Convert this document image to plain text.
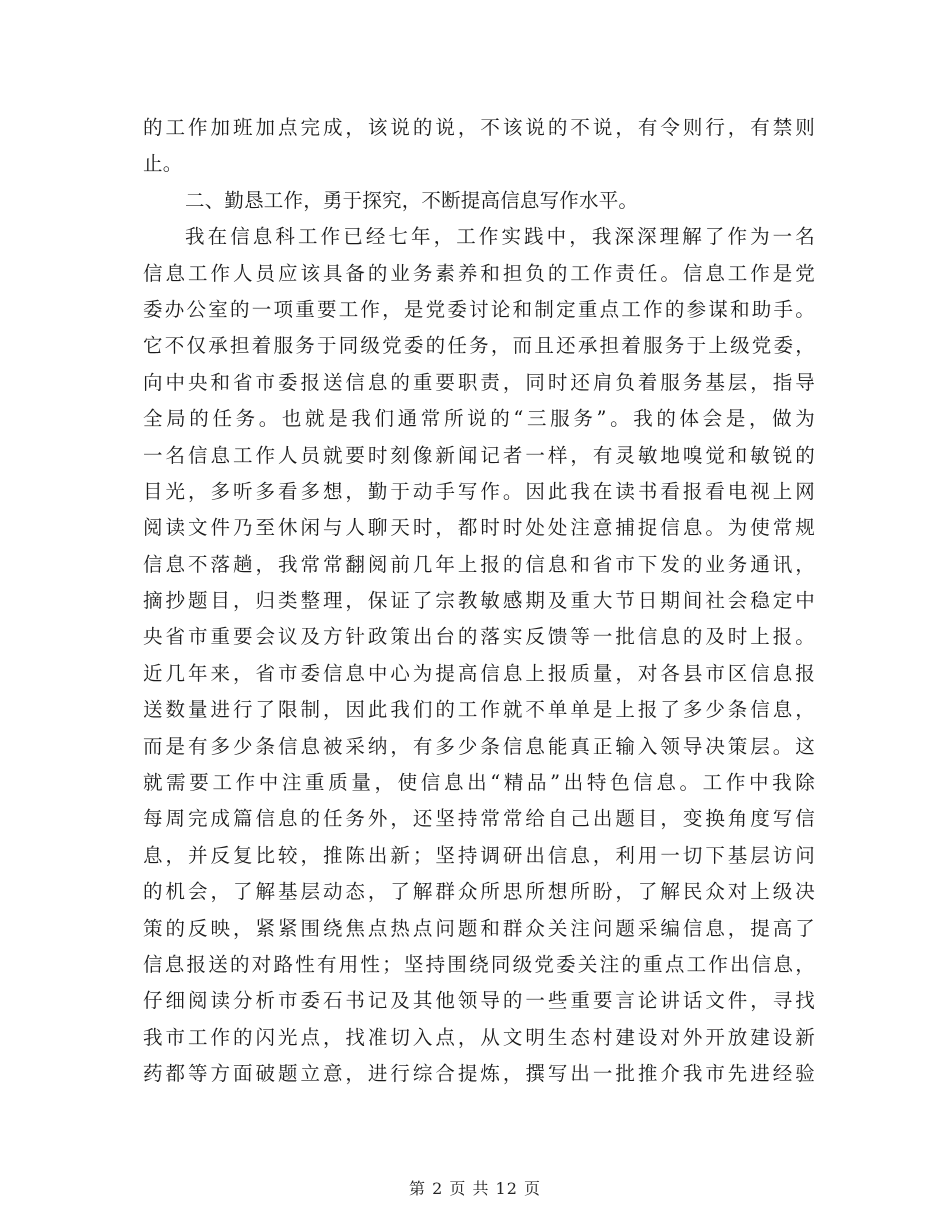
的工作加班加点完成，该说的说，不该说的不说，有令则行，有禁则
止。
二、勤恳工作，勇于探究，不断提高信息写作水平。
我在信息科工作已经七年，工作实践中，我深深理解了作为一名
信息工作人员应该具备的业务素养和担负的工作责任。信息工作是党
委办公室的一项重要工作，是党委讨论和制定重点工作的参谋和助手。
它不仅承担着服务于同级党委的任务，而且还承担着服务于上级党委，
向中央和省市委报送信息的重要职责，同时还肩负着服务基层，指导
全局的任务。也就是我们通常所说的“三服务”。我的体会是，做为
一名信息工作人员就要时刻像新闻记者一样，有灵敏地嗅觉和敏锐的
目光，多听多看多想，勤于动手写作。因此我在读书看报看电视上网
阅读文件乃至休闲与人聊天时，都时时处处注意捕捉信息。为使常规
信息不落趟，我常常翻阅前几年上报的信息和省市下发的业务通讯，
摘抄题目，归类整理，保证了宗教敏感期及重大节日期间社会稳定中
央省市重要会议及方针政策出台的落实反馈等一批信息的及时上报。
近几年来，省市委信息中心为提高信息上报质量，对各县市区信息报
送数量进行了限制，因此我们的工作就不单单是上报了多少条信息，
而是有多少条信息被采纳，有多少条信息能真正输入领导决策层。这
就需要工作中注重质量，使信息出“精品”出特色信息。工作中我除
每周完成篇信息的任务外，还坚持常常给自己出题目，变换角度写信
息，并反复比较，推陈出新；坚持调研出信息，利用一切下基层访问
的机会，了解基层动态，了解群众所思所想所盼，了解民众对上级决
策的反映，紧紧围绕焦点热点问题和群众关注问题采编信息，提高了
信息报送的对路性有用性；坚持围绕同级党委关注的重点工作出信息，
仔细阅读分析市委石书记及其他领导的一些重要言论讲话文件，寻找
我市工作的闪光点，找准切入点，从文明生态村建设对外开放建设新
药都等方面破题立意，进行综合提炼，撰写出一批推介我市先进经验
第 2 页 共 12 页
